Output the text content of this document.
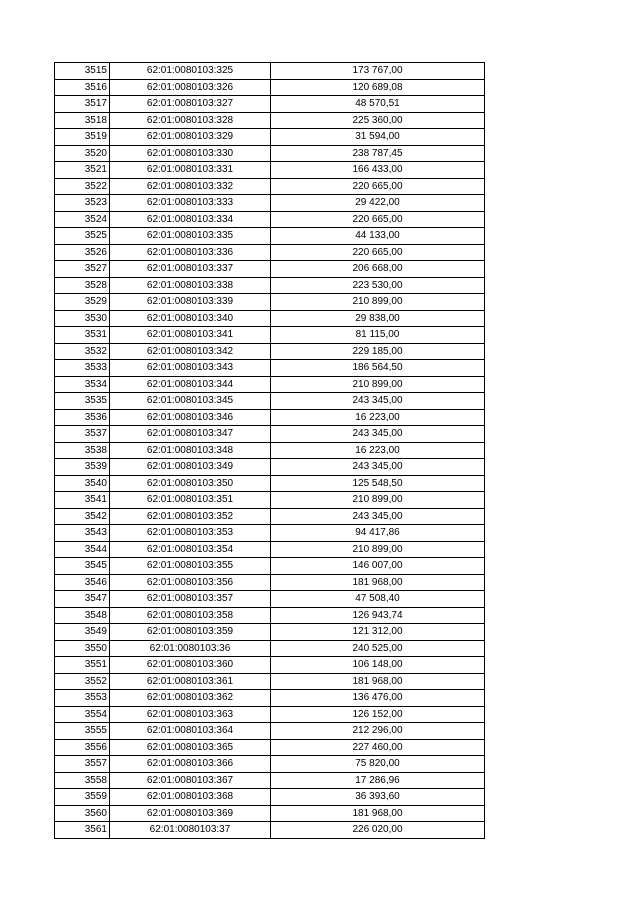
3515	62:01:0080103:325	173 767,00
3516	62:01:0080103:326	120 689,08
3517	62:01:0080103:327	48 570,51
3518	62:01:0080103:328	225 360,00
3519	62:01:0080103:329	31 594,00
3520	62:01:0080103:330	238 787,45
3521	62:01:0080103:331	166 433,00
3522	62:01:0080103:332	220 665,00
3523	62:01:0080103:333	29 422,00
3524	62:01:0080103:334	220 665,00
3525	62:01:0080103:335	44 133,00
3526	62:01:0080103:336	220 665,00
3527	62:01:0080103:337	206 668,00
3528	62:01:0080103:338	223 530,00
3529	62:01:0080103:339	210 899,00
3530	62:01:0080103:340	29 838,00
3531	62:01:0080103:341	81 115,00
3532	62:01:0080103:342	229 185,00
3533	62:01:0080103:343	186 564,50
3534	62:01:0080103:344	210 899,00
3535	62:01:0080103:345	243 345,00
3536	62:01:0080103:346	16 223,00
3537	62:01:0080103:347	243 345,00
3538	62:01:0080103:348	16 223,00
3539	62:01:0080103:349	243 345,00
3540	62:01:0080103:350	125 548,50
3541	62:01:0080103:351	210 899,00
3542	62:01:0080103:352	243 345,00
3543	62:01:0080103:353	94 417,86
3544	62:01:0080103:354	210 899,00
3545	62:01:0080103:355	146 007,00
3546	62:01:0080103:356	181 968,00
3547	62:01:0080103:357	47 508,40
3548	62:01:0080103:358	126 943,74
3549	62:01:0080103:359	121 312,00
3550	62:01:0080103:36	240 525,00
3551	62:01:0080103:360	106 148,00
3552	62:01:0080103:361	181 968,00
3553	62:01:0080103:362	136 476,00
3554	62:01:0080103:363	126 152,00
3555	62:01:0080103:364	212 296,00
3556	62:01:0080103:365	227 460,00
3557	62:01:0080103:366	75 820,00
3558	62:01:0080103:367	17 286,96
3559	62:01:0080103:368	36 393,60
3560	62:01:0080103:369	181 968,00
3561	62:01:0080103:37	226 020,00
